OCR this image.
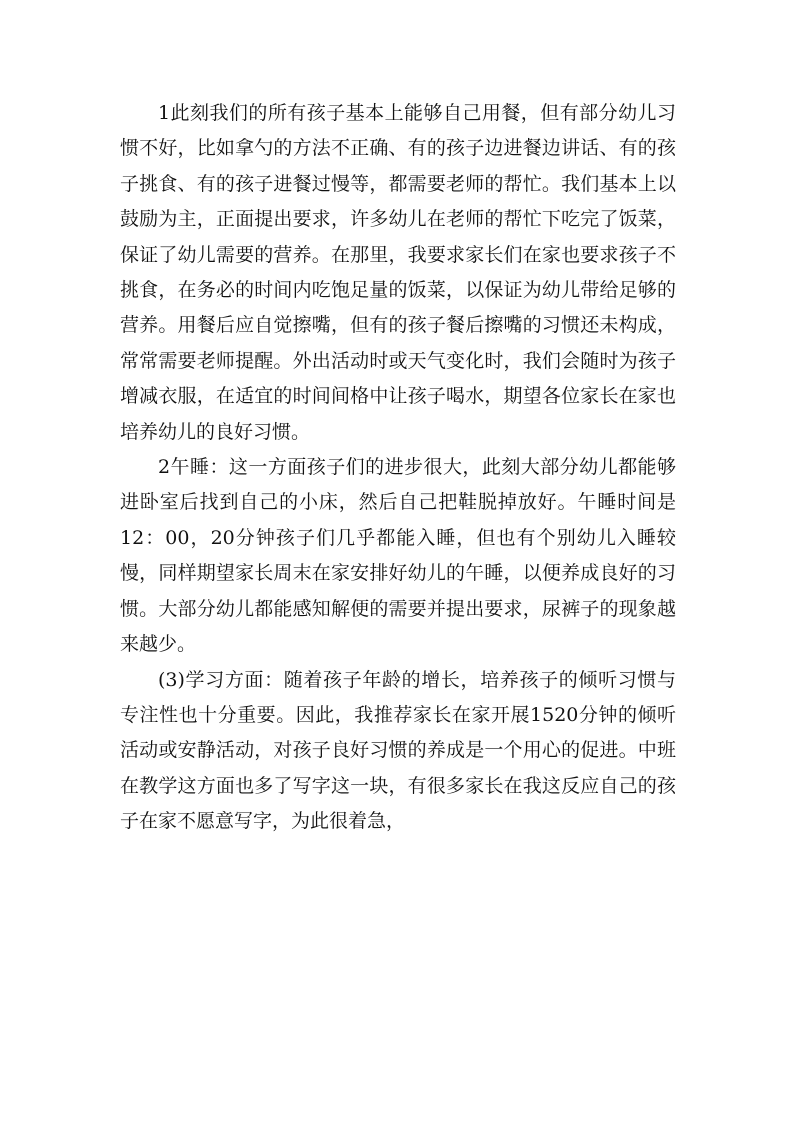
1此刻我们的所有孩子基本上能够自己用餐，但有部分幼儿习惯不好，比如拿勺的方法不正确、有的孩子边进餐边讲话、有的孩子挑食、有的孩子进餐过慢等，都需要老师的帮忙。我们基本上以鼓励为主，正面提出要求，许多幼儿在老师的帮忙下吃完了饭菜，保证了幼儿需要的营养。在那里，我要求家长们在家也要求孩子不挑食，在务必的时间内吃饱足量的饭菜，以保证为幼儿带给足够的营养。用餐后应自觉擦嘴，但有的孩子餐后擦嘴的习惯还未构成，常常需要老师提醒。外出活动时或天气变化时，我们会随时为孩子增减衣服，在适宜的时间间格中让孩子喝水，期望各位家长在家也培养幼儿的良好习惯。

2午睡：这一方面孩子们的进步很大，此刻大部分幼儿都能够进卧室后找到自己的小床，然后自己把鞋脱掉放好。午睡时间是12：00，20分钟孩子们几乎都能入睡，但也有个别幼儿入睡较慢，同样期望家长周末在家安排好幼儿的午睡，以便养成良好的习惯。大部分幼儿都能感知解便的需要并提出要求，尿裤子的现象越来越少。

(3)学习方面：随着孩子年龄的增长，培养孩子的倾听习惯与专注性也十分重要。因此，我推荐家长在家开展1520分钟的倾听活动或安静活动，对孩子良好习惯的养成是一个用心的促进。中班在教学这方面也多了写字这一块，有很多家长在我这反应自己的孩子在家不愿意写字，为此很着急，
